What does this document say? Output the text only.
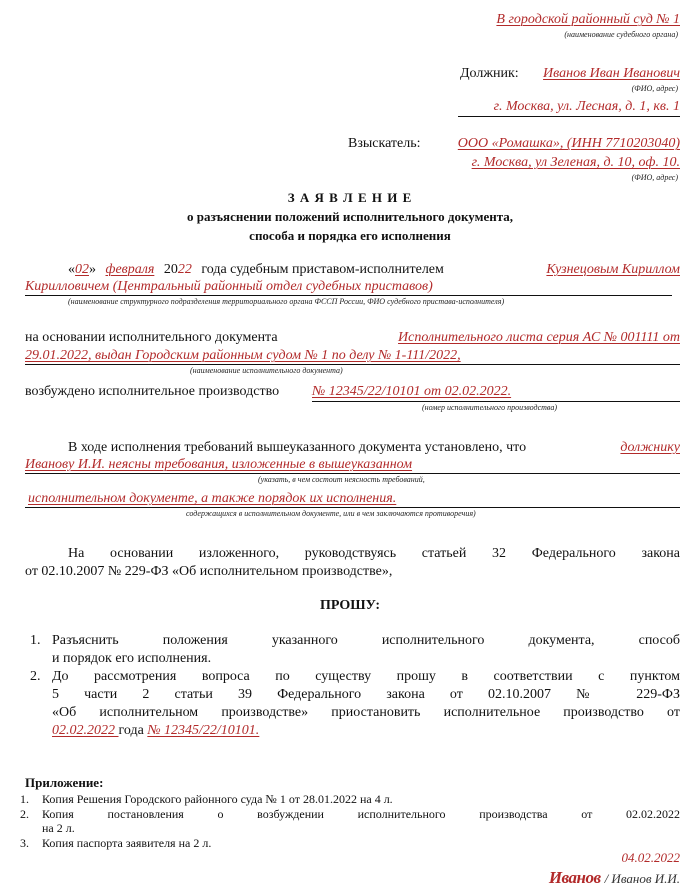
В городской районный суд № 1
(наименование судебного органа)
Должник: Иванов Иван Иванович
(ФИО, адрес)
г. Москва, ул. Лесная, д. 1, кв. 1
Взыскатель:	ООО «Ромашка», (ИНН 7710203040)
г. Москва, ул Зеленая, д. 10, оф. 10.
(ФИО, адрес)
З А Я В Л Е Н И Е
о разъяснении положений исполнительного документа,
способа и порядка его исполнения
«02» февраля 2022 года судебным приставом-исполнителем	Кузнецовым Кириллом
Кирилловичем (Центральный районный отдел судебных приставов)
(наименование структурного подразделения территориального органа ФССП России, ФИО судебного пристава-исполнителя)
на основании исполнительного документа	Исполнительного листа серия АС № 001111 от
29.01.2022, выдан Городским районным судом № 1 по делу № 1-111/2022,
(наименование исполнительного документа)
возбуждено исполнительное производство № 12345/22/10101 от 02.02.2022.
(номер исполнительного производства)
В ходе исполнения требований вышеуказанного документа установлено, что	должнику
Иванову И.И. неясны требования, изложенные в вышеуказанном
(указать, в чем состоит неясность требований,
исполнительном документе, а также порядок их исполнения.
содержащихся в исполнительном документе, или в чем заключаются противоречия)
На основании изложенного, руководствуясь статьей 32 Федерального закона
от 02.10.2007 № 229-ФЗ «Об исполнительном производстве»,
ПРОШУ:
1. Разъяснить положения указанного исполнительного документа, способ
и порядок его исполнения.
2. До рассмотрения вопроса по существу прошу в соответствии с пунктом
5 части 2 статьи 39 Федерального закона от 02.10.2007 № 229-ФЗ
«Об исполнительном производстве» приостановить исполнительное производство от
02.02.2022 года № 12345/22/10101.
Приложение:
1. Копия Решения Городского районного суда № 1 от 28.01.2022 на 4 л.
2. Копия постановления о возбуждении исполнительного производства от 02.02.2022
на 2 л.
3. Копия паспорта заявителя на 2 л.
04.02.2022
Иванов / Иванов И.И.
